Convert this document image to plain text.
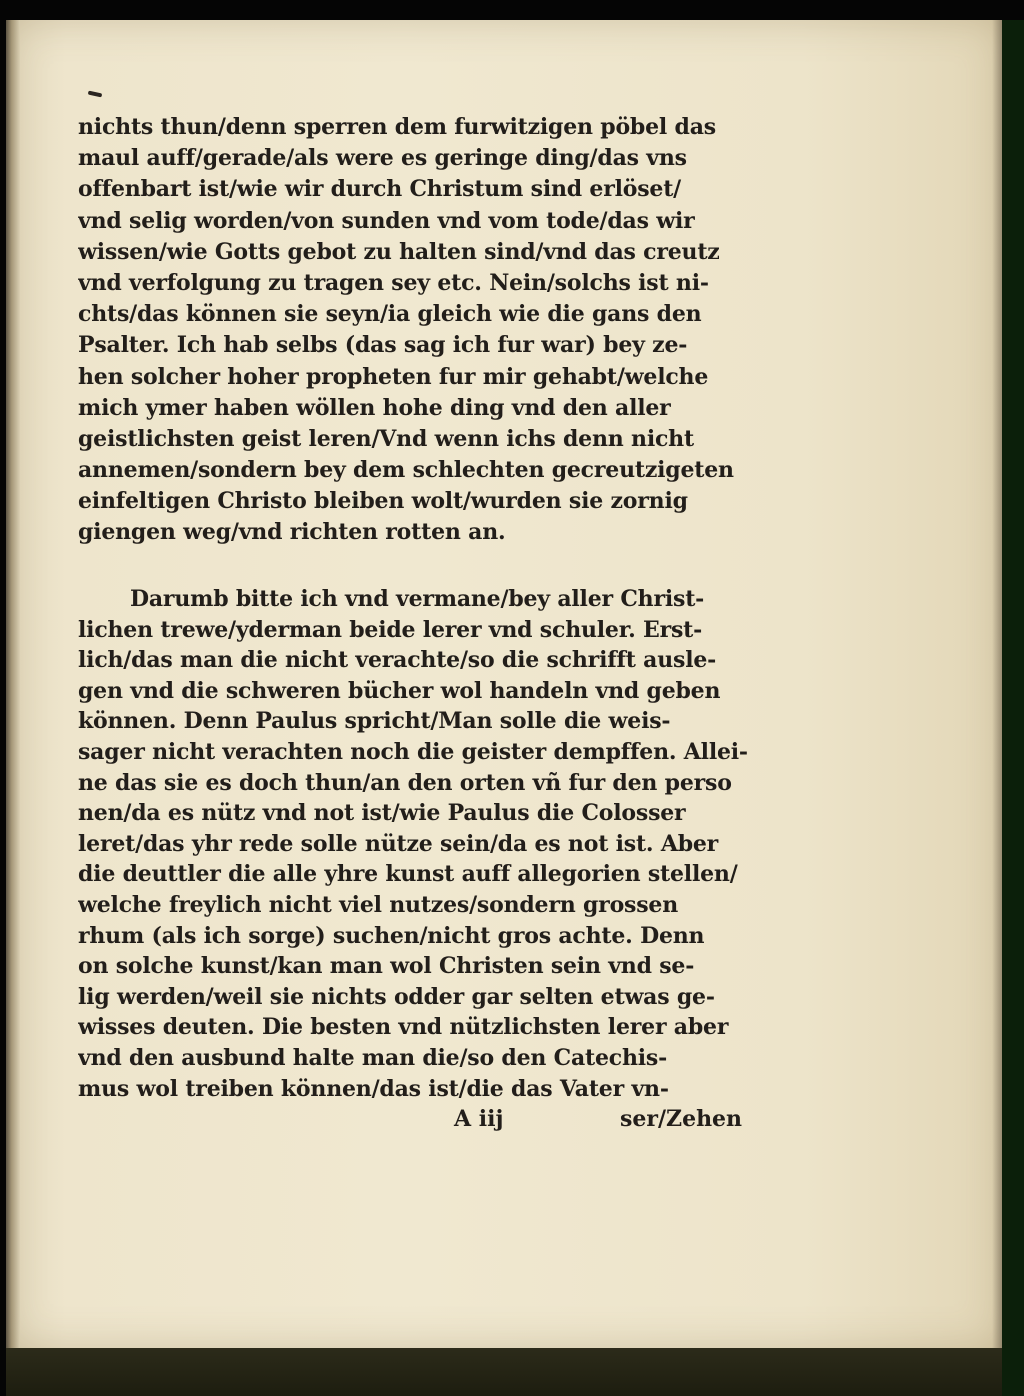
nichts thun/denn sperren dem furwitzigen pöbel das
maul auff/gerade/als were es geringe ding/das vns
offenbart ist/wie wir durch Christum sind erlöset/
vnd selig worden/von sunden vnd vom tode/das wir
wissen/wie Gotts gebot zu halten sind/vnd das creutz
vnd verfolgung zu tragen sey etc. Nein/solchs ist ni-
chts/das können sie seyn/ia gleich wie die gans den
Psalter. Ich hab selbs (das sag ich fur war) bey ze-
hen solcher hoher propheten fur mir gehabt/welche
mich ymer haben wöllen hohe ding vnd den aller
geistlichsten geist leren/Vnd wenn ichs denn nicht
annemen/sondern bey dem schlechten gecreutzigeten
einfeltigen Christo bleiben wolt/wurden sie zornig
giengen weg/vnd richten rotten an.
Darumb bitte ich vnd vermane/bey aller Christ-
lichen trewe/yderman beide lerer vnd schuler. Erst-
lich/das man die nicht verachte/so die schrifft ausle-
gen vnd die schweren bücher wol handeln vnd geben
können. Denn Paulus spricht/Man solle die weis-
sager nicht verachten noch die geister dempffen. Allei-
ne das sie es doch thun/an den orten vñ fur den perso
nen/da es nütz vnd not ist/wie Paulus die Colosser
leret/das yhr rede solle nütze sein/da es not ist. Aber
die deuttler die alle yhre kunst auff allegorien stellen/
welche freylich nicht viel nutzes/sondern grossen
rhum (als ich sorge) suchen/nicht gros achte. Denn
on solche kunst/kan man wol Christen sein vnd se-
lig werden/weil sie nichts odder gar selten etwas ge-
wisses deuten. Die besten vnd nützlichsten lerer aber
vnd den ausbund halte man die/so den Catechis-
mus wol treiben können/das ist/die das Vater vn-
A iij	ser/Zehen
